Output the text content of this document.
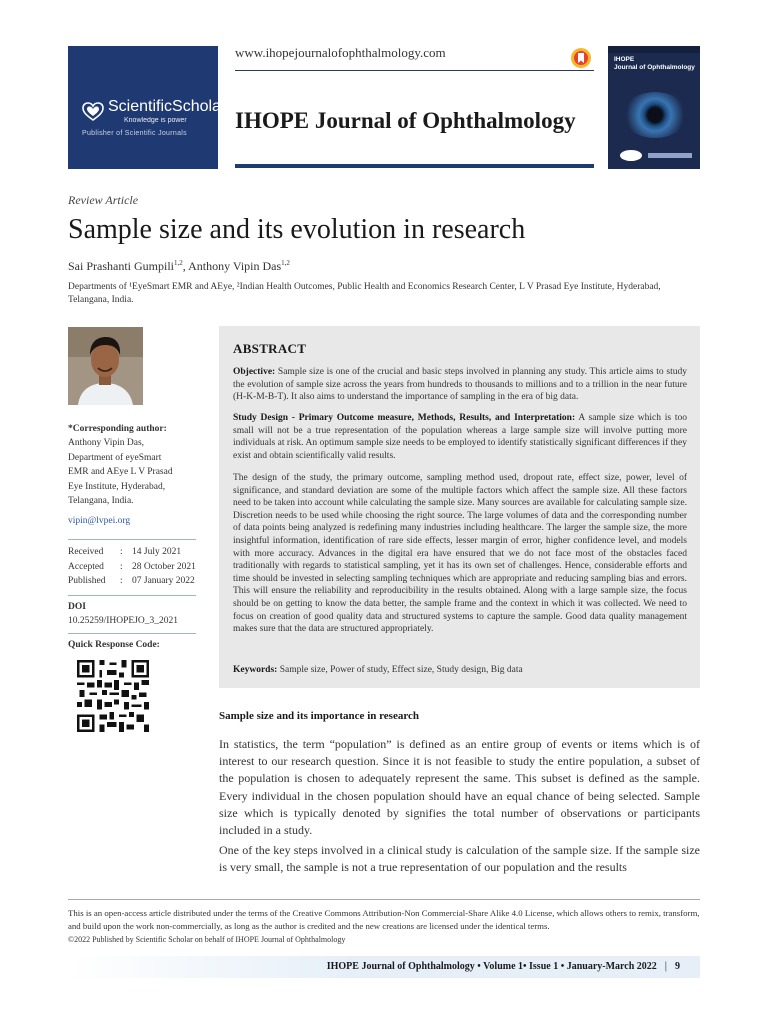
ScientificScholar®
Knowledge is power
Publisher of Scientific Journals
www.ihopejournalofophthalmology.com
IHOPE Journal of Ophthalmology
IHOPE
Journal of Ophthalmology
Review Article
Sample size and its evolution in research
Sai Prashanti Gumpili$^{1,2}$, Anthony Vipin Das$^{1,2}$
Departments of ¹EyeSmart EMR and AEye, ²Indian Health Outcomes, Public Health and Economics Research Center, L V Prasad Eye Institute, Hyderabad, Telangana, India.
*Corresponding author:
Anthony Vipin Das,
Department of eyeSmart
EMR and AEye L V Prasad
Eye Institute, Hyderabad,
Telangana, India.
vipin@lvpei.org
Received	: 14 July 2021
Accepted	: 28 October 2021
Published	: 07 January 2022
DOI
10.25259/IHOPEJO_3_2021
Quick Response Code:
ABSTRACT
Objective: Sample size is one of the crucial and basic steps involved in planning any study. This article aims to study the evolution of sample size across the years from hundreds to thousands to millions and to a trillion in the near future (H-K-M-B-T). It also aims to understand the importance of sampling in the era of big data.
Study Design - Primary Outcome measure, Methods, Results, and Interpretation: A sample size which is too small will not be a true representation of the population whereas a large sample size will involve putting more individuals at risk. An optimum sample size needs to be employed to identify statistically significant differences if they exist and obtain scientifically valid results.
The design of the study, the primary outcome, sampling method used, dropout rate, effect size, power, level of significance, and standard deviation are some of the multiple factors which affect the sample size. All these factors need to be taken into account while calculating the sample size. Many sources are available for calculating sample size. Discretion needs to be used while choosing the right source. The large volumes of data and the corresponding number of data points being analyzed is redefining many industries including healthcare. The larger the sample size, the more insightful information, identification of rare side effects, lesser margin of error, higher confidence level, and models with more accuracy. Advances in the digital era have ensured that we do not face most of the obstacles faced traditionally with regards to statistical sampling, yet it has its own set of challenges. Hence, considerable efforts and time should be invested in selecting sampling techniques which are appropriate and reducing sampling bias and errors. This will ensure the reliability and reproducibility in the results obtained. Along with a large sample size, the focus should be on getting to know the data better, the sample frame and the context in which it was collected. We need to focus on creation of good quality data and structured systems to capture the sample. Good data quality management makes sure that the data are structured appropriately.
Keywords: Sample size, Power of study, Effect size, Study design, Big data
Sample size and its importance in research
In statistics, the term “population” is defined as an entire group of events or items which is of interest to our research question. Since it is not feasible to study the entire population, a subset of the population is chosen to adequately represent the same. This subset is defined as the sample. Every individual in the chosen population should have an equal chance of being selected. Sample size which is typically denoted by signifies the total number of observations or participants included in a study.
One of the key steps involved in a clinical study is calculation of the sample size. If the sample size is very small, the sample is not a true representation of our population and the results
This is an open-access article distributed under the terms of the Creative Commons Attribution-Non Commercial-Share Alike 4.0 License, which allows others to remix, transform, and build upon the work non-commercially, as long as the author is credited and the new creations are licensed under the identical terms.
©2022 Published by Scientific Scholar on behalf of IHOPE Journal of Ophthalmology
IHOPE Journal of Ophthalmology • Volume 1• Issue 1 • January-March 2022 | 9
